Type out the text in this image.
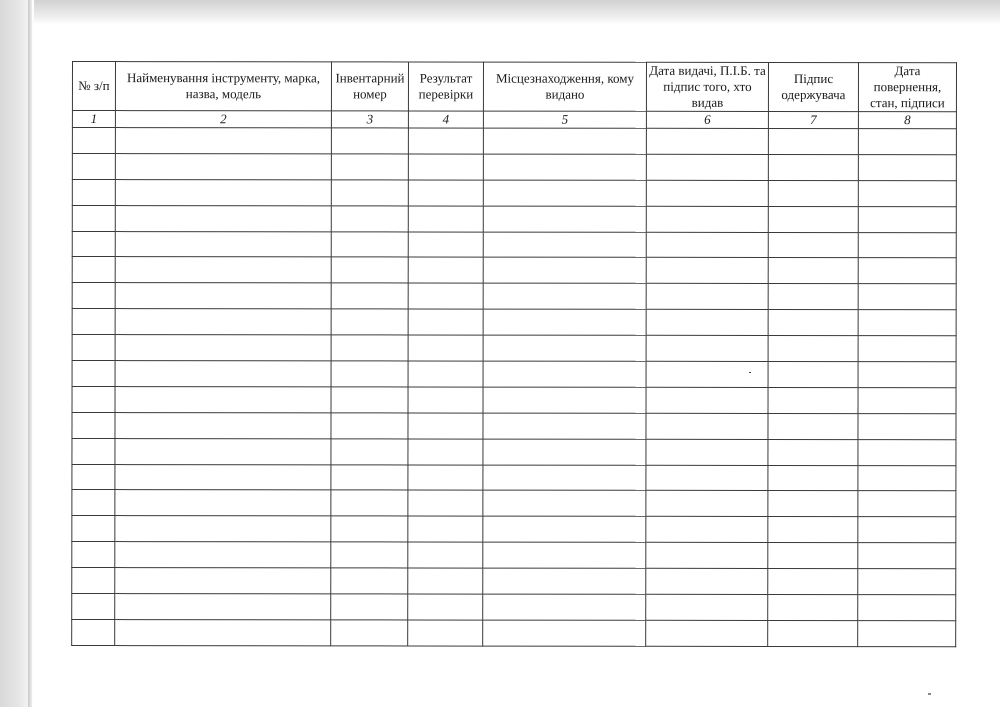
№ з/п	Найменування інструменту, марка, назва, модель	Інвентарний номер	Результат перевірки	Місцезнаходження, кому видано	Дата видачі, П.І.Б. та підпис того, хто видав	Підпис одержувача	Дата повернення, стан, підписи
1	2	3	4	5	6	7	8
